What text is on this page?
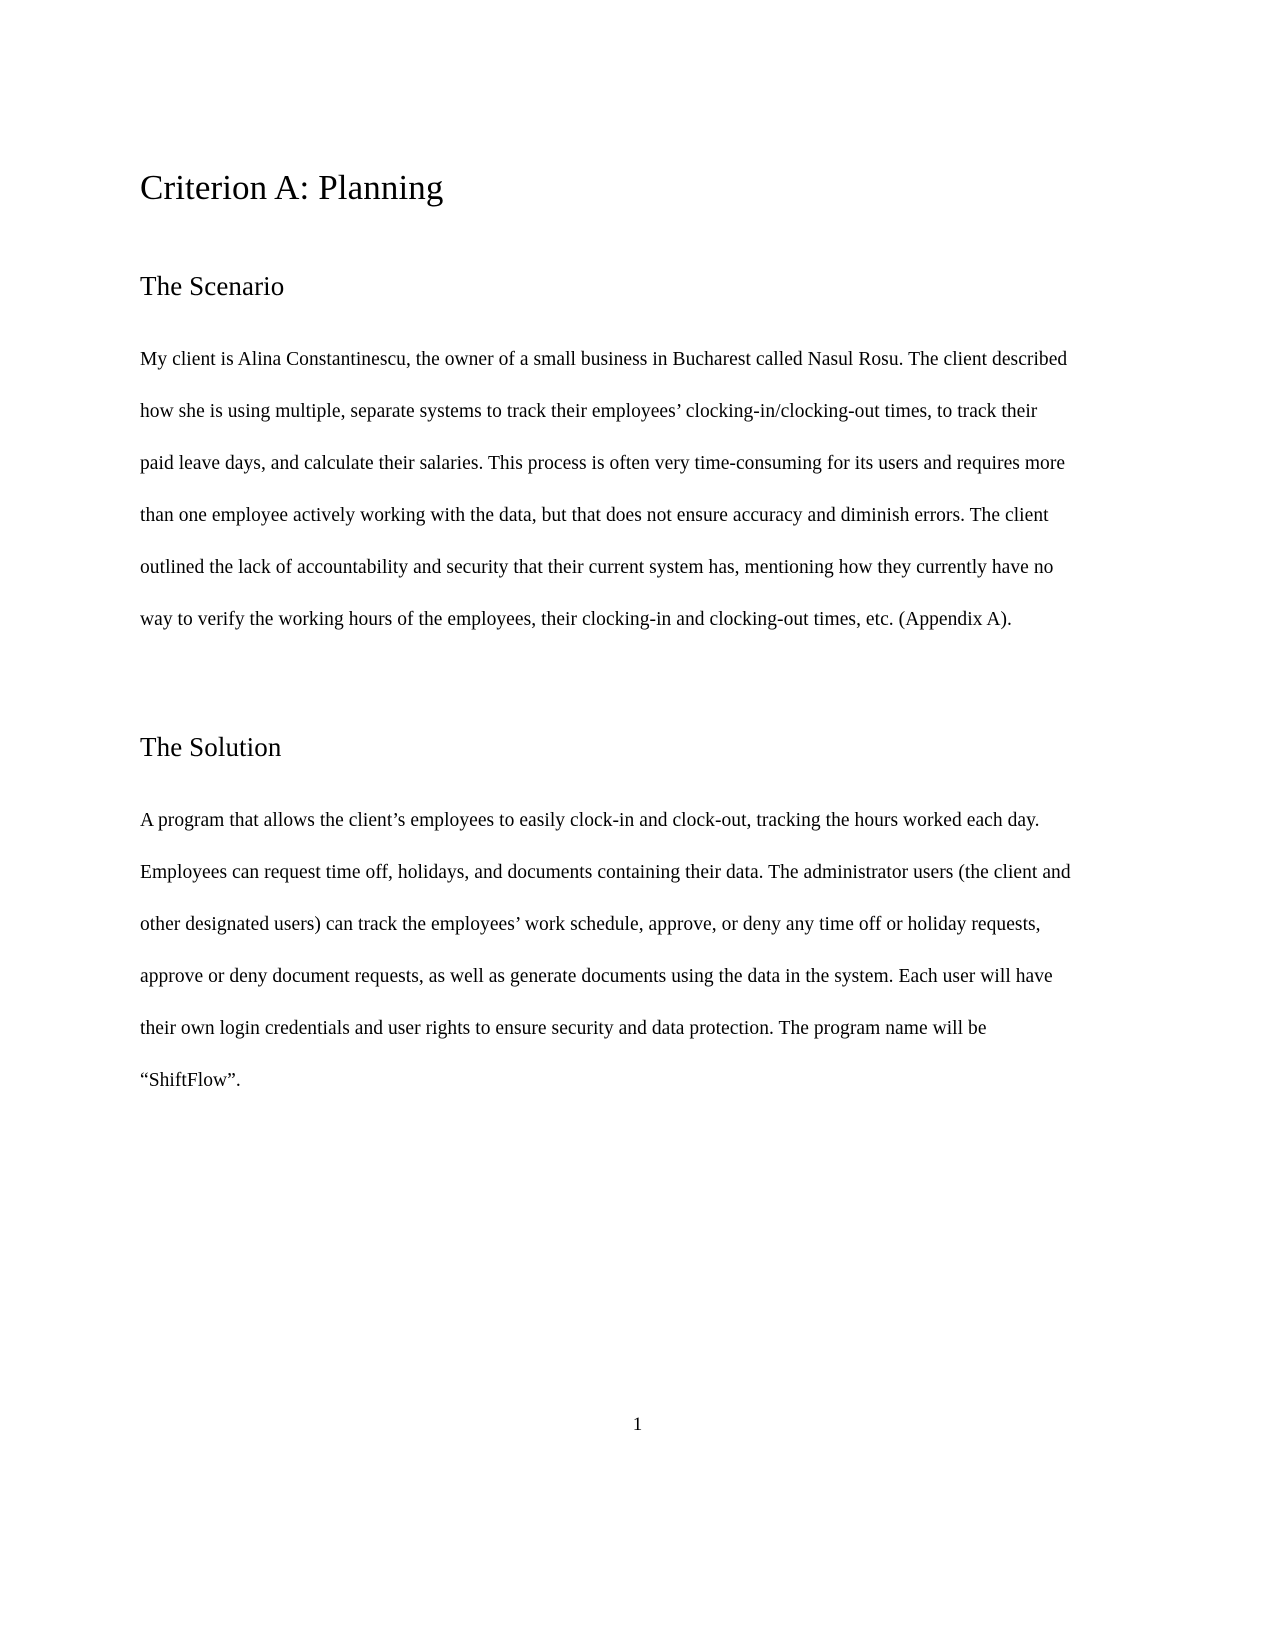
Criterion A: Planning
The Scenario

My client is Alina Constantinescu, the owner of a small business in Bucharest called Nasul Rosu. The client described how she is using multiple, separate systems to track their employees’ clocking-in/clocking-out times, to track their paid leave days, and calculate their salaries. This process is often very time-consuming for its users and requires more than one employee actively working with the data, but that does not ensure accuracy and diminish errors. The client outlined the lack of accountability and security that their current system has, mentioning how they currently have no way to verify the working hours of the employees, their clocking-in and clocking-out times, etc. (Appendix A).

The Solution

A program that allows the client’s employees to easily clock-in and clock-out, tracking the hours worked each day. Employees can request time off, holidays, and documents containing their data. The administrator users (the client and other designated users) can track the employees’ work schedule, approve, or deny any time off or holiday requests, approve or deny document requests, as well as generate documents using the data in the system. Each user will have their own login credentials and user rights to ensure security and data protection. The program name will be “ShiftFlow”.

1
